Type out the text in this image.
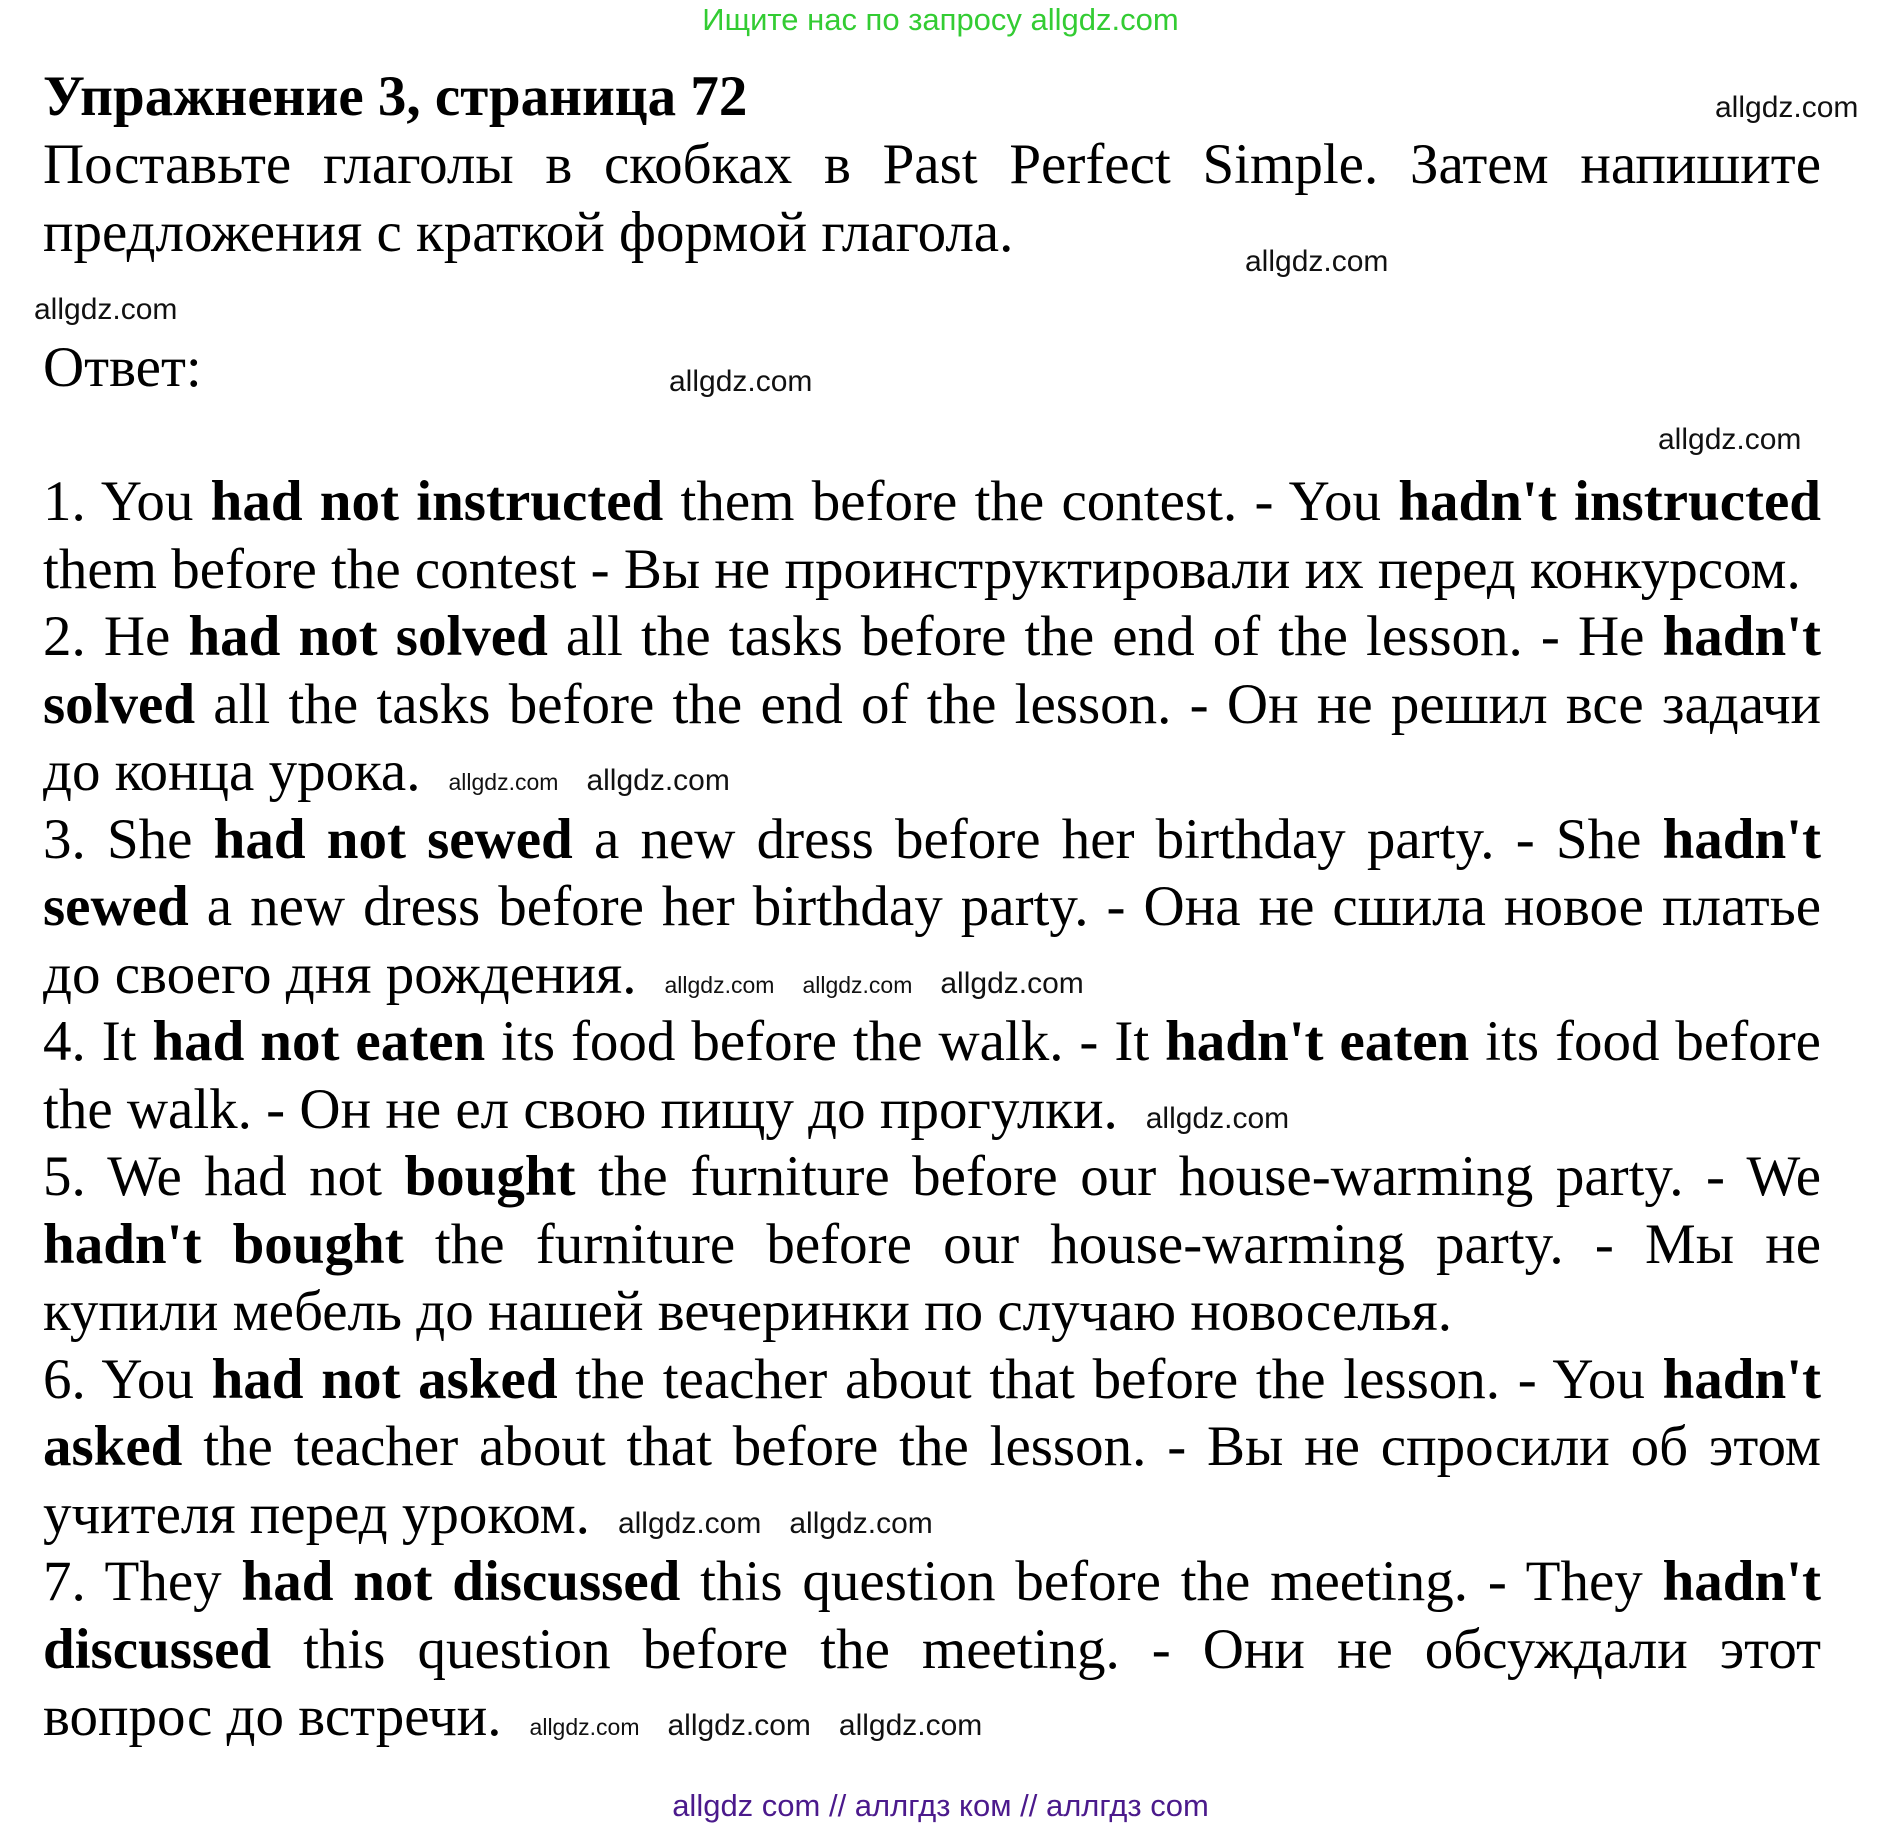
Ищите нас по запросу allgdz.com
Упражнение 3, страница 72
Поставьте глаголы в скобках в Past Perfect Simple. Затем напишите предложения с краткой формой глагола.
Ответ:

1. You had not instructed them before the contest. - You hadn't instructed them before the contest - Вы не проинструктировали их перед конкурсом.

2. He had not solved all the tasks before the end of the lesson. - He hadn't solved all the tasks before the end of the lesson. - Он не решил все задачи до конца урока. allgdz.com allgdz.com

3. She had not sewed a new dress before her birthday party. - She hadn't sewed a new dress before her birthday party. - Она не сшила новое платье до своего дня рождения. allgdz.com allgdz.com allgdz.com

4. It had not eaten its food before the walk. - It hadn't eaten its food before the walk. - Он не ел свою пищу до прогулки. allgdz.com

5. We had not bought the furniture before our house-warming party. - We hadn't bought the furniture before our house-warming party. - Мы не купили мебель до нашей вечеринки по случаю новоселья.

6. You had not asked the teacher about that before the lesson. - You hadn't asked the teacher about that before the lesson. - Вы не спросили об этом учителя перед уроком. allgdz.com allgdz.com

7. They had not discussed this question before the meeting. - They hadn't discussed this question before the meeting. - Они не обсуждали этот вопрос до встречи. allgdz.com allgdz.com allgdz.com

allgdz.com
allgdz.com
allgdz.com
allgdz.com
allgdz.com
allgdz com // аллгдз ком // аллгдз com
